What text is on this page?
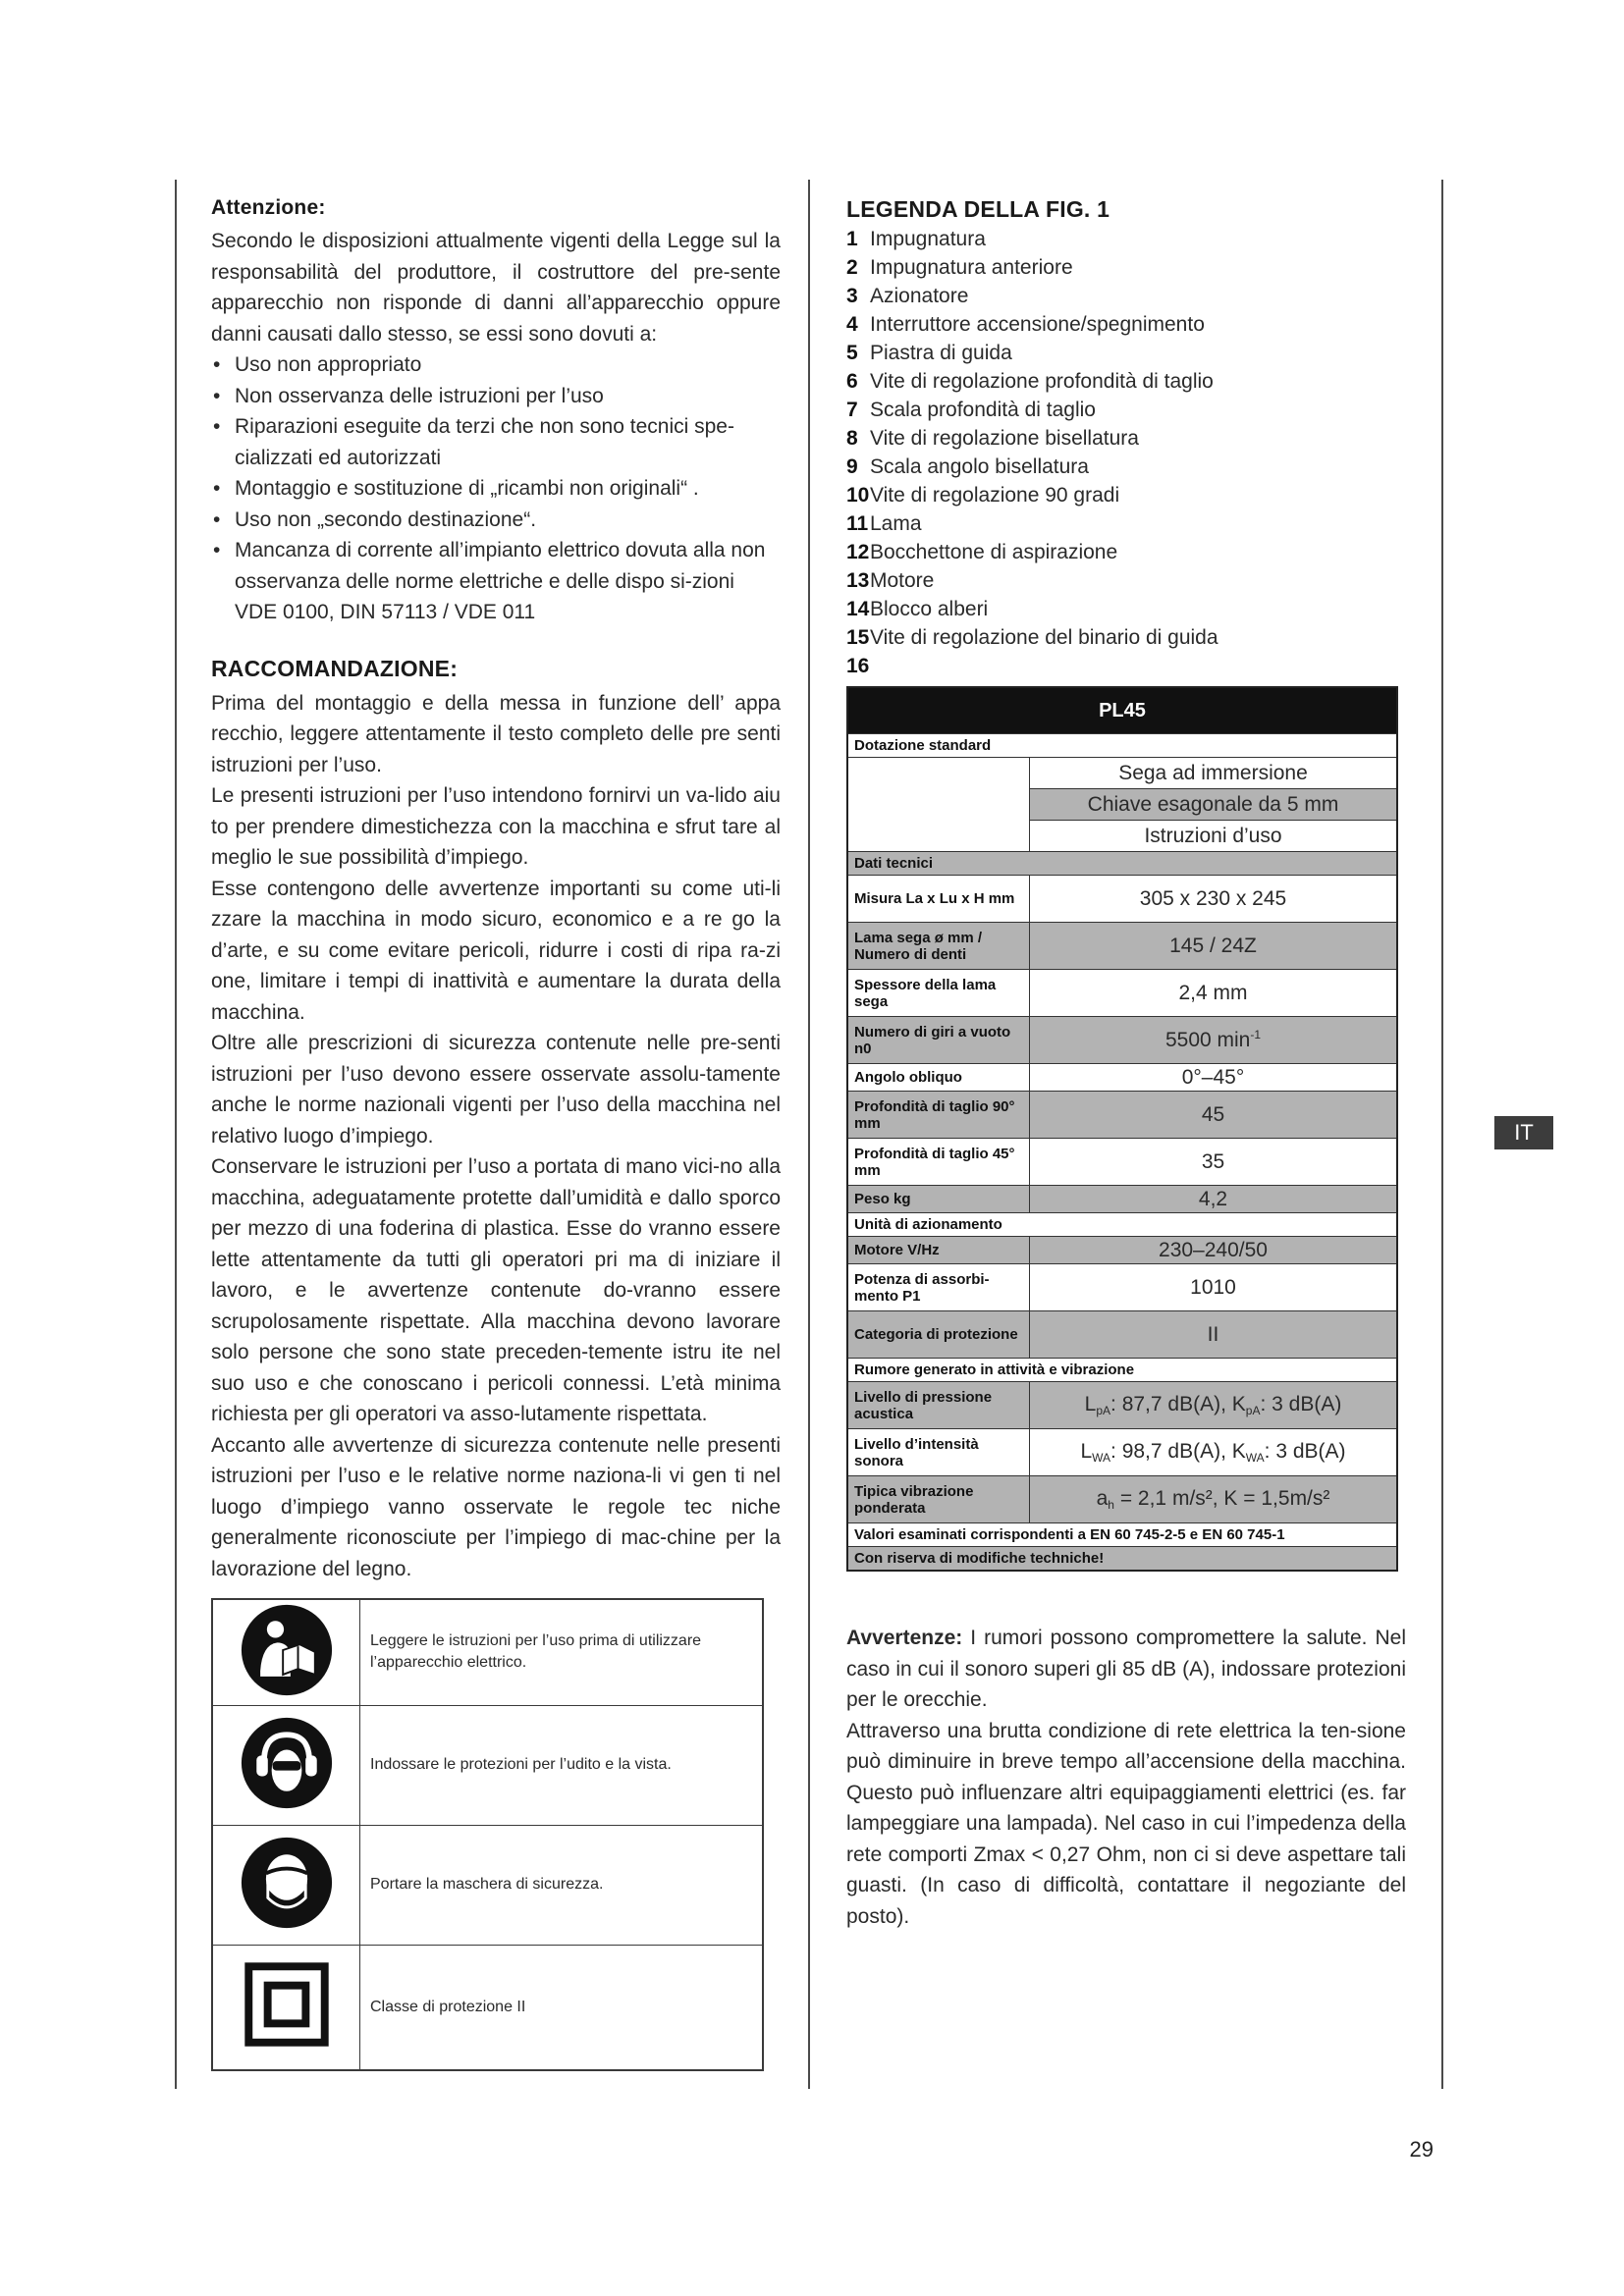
Attenzione:

Secondo le disposizioni attualmente vigenti della Legge sul la responsabilità del produttore, il costruttore del pre-sente apparecchio non risponde di danni all’apparecchio oppure danni causati dallo stesso, se essi sono dovuti a:

• Uso non appropriato
• Non osservanza delle istruzioni per l’uso
• Riparazioni eseguite da terzi che non sono tecnici spe-cializzati ed autorizzati
• Montaggio e sostituzione di „ricambi non originali“ .
• Uso non „secondo destinazione“.
• Mancanza di corrente all’impianto elettrico dovuta alla non osservanza delle norme elettriche e delle dispo si-zioni VDE 0100, DIN 57113 / VDE 011
RACCOMANDAZIONE:

Prima del montaggio e della messa in funzione dell’ appa recchio, leggere attentamente il testo completo delle pre senti istruzioni per l’uso.

Le presenti istruzioni per l’uso intendono fornirvi un va-lido aiu to per prendere dimestichezza con la macchina e sfrut tare al meglio le sue possibilità d’impiego.

Esse contengono delle avvertenze importanti su come uti-li zzare la macchina in modo sicuro, economico e a re go la d’arte, e su come evitare pericoli, ridurre i costi di ripa ra-zi one, limitare i tempi di inattività e aumentare la durata della macchina.

Oltre alle prescrizioni di sicurezza contenute nelle pre-senti istruzioni per l’uso devono essere osservate assolu-tamente anche le norme nazionali vigenti per l’uso della macchina nel relativo luogo d’impiego.

Conservare le istruzioni per l’uso a portata di mano vici-no alla macchina, adeguatamente protette dall’umidità e dallo sporco per mezzo di una foderina di plastica. Esse do vranno essere lette attentamente da tutti gli operatori pri ma di iniziare il lavoro, e le avvertenze contenute do-vranno essere scrupolosamente rispettate. Alla macchina devono lavorare solo persone che sono state preceden-temente istru ite nel suo uso e che conoscano i pericoli connessi. L’età minima richiesta per gli operatori va asso-lutamente rispettata.

Accanto alle avvertenze di sicurezza contenute nelle presenti istruzioni per l’uso e le relative norme naziona-li vi gen ti nel luogo d’impiego vanno osservate le regole tec niche generalmente riconosciute per l’impiego di mac-chine per la lavorazione del legno.

	Leggere le istruzioni per l’uso prima di utilizzare l’apparecchio elettrico.
	Indossare le protezioni per l’udito e la vista.
	Portare la maschera di sicurezza.
	Classe di protezione II
LEGENDA DELLA FIG. 1
1 Impugnatura
2 Impugnatura anteriore
3 Azionatore
4 Interruttore accensione/spegnimento
5 Piastra di guida
6 Vite di regolazione profondità di taglio
7 Scala profondità di taglio
8 Vite di regolazione bisellatura
9 Scala angolo bisellatura
10Vite di regolazione 90 gradi
11Lama
12Bocchettone di aspirazione
13Motore
14Blocco alberi
15Vite di regolazione del binario di guida
16
PL45	
Dotazione standard	
	Sega ad immersione
	Chiave esagonale da 5 mm
	Istruzioni d’uso
Dati tecnici	
Misura La x Lu x H mm	305 x 230 x 245
Lama sega ø mm / Numero di denti	145 / 24Z
Spessore della lama sega	2,4 mm
Numero di giri a vuoto n0	5500 $\min^{-1}$
Angolo obliquo	0°–45°
Profondità di taglio 90° mm	45
Profondità di taglio 45° mm	35
Peso kg	4,2
Unità di azionamento	
Motore V/Hz	230–240/50
Potenza di assorbi-mento P1	1010
Categoria di protezione	II
Rumore generato in attività e vibrazione	
Livello di pressione acustica	$L_{pA}$: 87,7 dB(A), $K_{pA}$: 3 dB(A)
Livello d’intensità sonora	$L_{WA}$: 98,7 dB(A), $K_{WA}$: 3 dB(A)
Tipica vibrazione ponderata	$a_h = 2,1$ m/s², K = 1,5m/s²
Valori esaminati corrispondenti a EN 60 745-2-5 e EN 60 745-1	
Con riserva di modifiche techniche!	

Avvertenze: I rumori possono compromettere la salute. Nel caso in cui il sonoro superi gli 85 dB (A), indossare protezioni per le orecchie.

Attraverso una brutta condizione di rete elettrica la ten-sione può diminuire in breve tempo all’accensione della macchina. Questo può influenzare altri equipaggiamenti elettrici (es. far lampeggiare una lampada). Nel caso in cui l’impedenza della rete comporti Zmax < 0,27 Ohm, non ci si deve aspettare tali guasti. (In caso di difficoltà, contattare il negoziante del posto).

IT
29
